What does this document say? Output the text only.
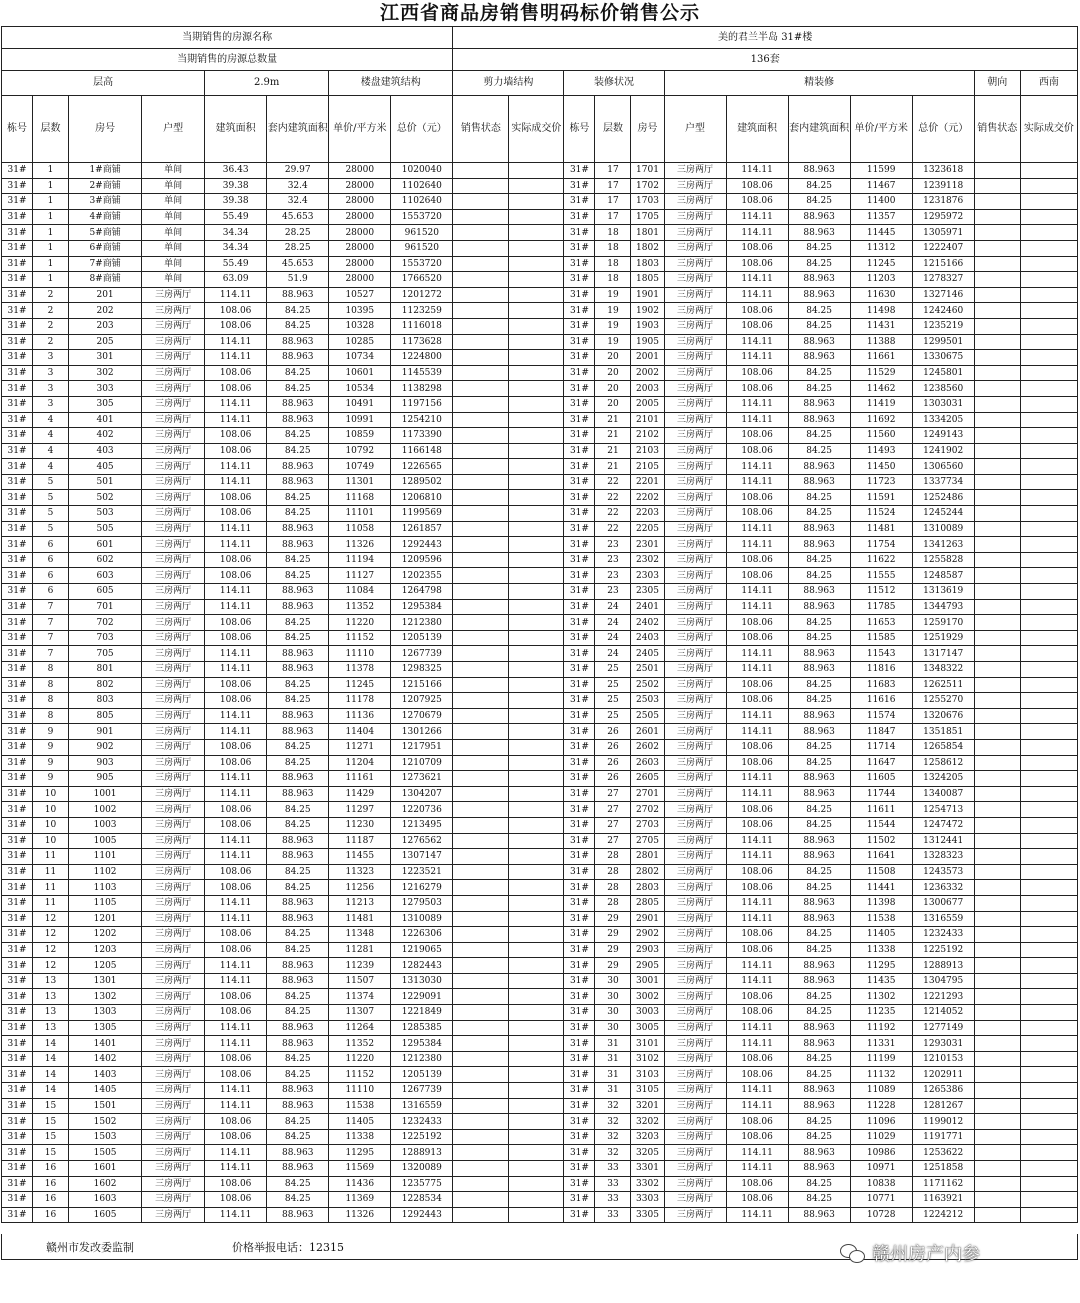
江西省商品房销售明码标价销售公示
当期销售的房源名称								美的君兰半岛 31#楼											
当期销售的房源总数量								136套											
层高				2.9m		楼盘建筑结构		剪力墙结构		装修状况			精装修					朝向	西南
栋号	层数	房号	户型	建筑面积	套内建筑面积	单价/平方米	总价（元）	销售状态	实际成交价	栋号	层数	房号	户型	建筑面积	套内建筑面积	单价/平方米	总价（元）	销售状态	实际成交价
31#	1	1#商铺	单间	36.43	29.97	28000	1020040			31#	17	1701	三房两厅	114.11	88.963	11599	1323618		
31#	1	2#商铺	单间	39.38	32.4	28000	1102640			31#	17	1702	三房两厅	108.06	84.25	11467	1239118		
31#	1	3#商铺	单间	39.38	32.4	28000	1102640			31#	17	1703	三房两厅	108.06	84.25	11400	1231876		
31#	1	4#商铺	单间	55.49	45.653	28000	1553720			31#	17	1705	三房两厅	114.11	88.963	11357	1295972		
31#	1	5#商铺	单间	34.34	28.25	28000	961520			31#	18	1801	三房两厅	114.11	88.963	11445	1305971		
31#	1	6#商铺	单间	34.34	28.25	28000	961520			31#	18	1802	三房两厅	108.06	84.25	11312	1222407		
31#	1	7#商铺	单间	55.49	45.653	28000	1553720			31#	18	1803	三房两厅	108.06	84.25	11245	1215166		
31#	1	8#商铺	单间	63.09	51.9	28000	1766520			31#	18	1805	三房两厅	114.11	88.963	11203	1278327		
31#	2	201	三房两厅	114.11	88.963	10527	1201272			31#	19	1901	三房两厅	114.11	88.963	11630	1327146		
31#	2	202	三房两厅	108.06	84.25	10395	1123259			31#	19	1902	三房两厅	108.06	84.25	11498	1242460		
31#	2	203	三房两厅	108.06	84.25	10328	1116018			31#	19	1903	三房两厅	108.06	84.25	11431	1235219		
31#	2	205	三房两厅	114.11	88.963	10285	1173628			31#	19	1905	三房两厅	114.11	88.963	11388	1299501		
31#	3	301	三房两厅	114.11	88.963	10734	1224800			31#	20	2001	三房两厅	114.11	88.963	11661	1330675		
31#	3	302	三房两厅	108.06	84.25	10601	1145539			31#	20	2002	三房两厅	108.06	84.25	11529	1245801		
31#	3	303	三房两厅	108.06	84.25	10534	1138298			31#	20	2003	三房两厅	108.06	84.25	11462	1238560		
31#	3	305	三房两厅	114.11	88.963	10491	1197156			31#	20	2005	三房两厅	114.11	88.963	11419	1303031		
31#	4	401	三房两厅	114.11	88.963	10991	1254210			31#	21	2101	三房两厅	114.11	88.963	11692	1334205		
31#	4	402	三房两厅	108.06	84.25	10859	1173390			31#	21	2102	三房两厅	108.06	84.25	11560	1249143		
31#	4	403	三房两厅	108.06	84.25	10792	1166148			31#	21	2103	三房两厅	108.06	84.25	11493	1241902		
31#	4	405	三房两厅	114.11	88.963	10749	1226565			31#	21	2105	三房两厅	114.11	88.963	11450	1306560		
31#	5	501	三房两厅	114.11	88.963	11301	1289502			31#	22	2201	三房两厅	114.11	88.963	11723	1337734		
31#	5	502	三房两厅	108.06	84.25	11168	1206810			31#	22	2202	三房两厅	108.06	84.25	11591	1252486		
31#	5	503	三房两厅	108.06	84.25	11101	1199569			31#	22	2203	三房两厅	108.06	84.25	11524	1245244		
31#	5	505	三房两厅	114.11	88.963	11058	1261857			31#	22	2205	三房两厅	114.11	88.963	11481	1310089		
31#	6	601	三房两厅	114.11	88.963	11326	1292443			31#	23	2301	三房两厅	114.11	88.963	11754	1341263		
31#	6	602	三房两厅	108.06	84.25	11194	1209596			31#	23	2302	三房两厅	108.06	84.25	11622	1255828		
31#	6	603	三房两厅	108.06	84.25	11127	1202355			31#	23	2303	三房两厅	108.06	84.25	11555	1248587		
31#	6	605	三房两厅	114.11	88.963	11084	1264798			31#	23	2305	三房两厅	114.11	88.963	11512	1313619		
31#	7	701	三房两厅	114.11	88.963	11352	1295384			31#	24	2401	三房两厅	114.11	88.963	11785	1344793		
31#	7	702	三房两厅	108.06	84.25	11220	1212380			31#	24	2402	三房两厅	108.06	84.25	11653	1259170		
31#	7	703	三房两厅	108.06	84.25	11152	1205139			31#	24	2403	三房两厅	108.06	84.25	11585	1251929		
31#	7	705	三房两厅	114.11	88.963	11110	1267739			31#	24	2405	三房两厅	114.11	88.963	11543	1317147		
31#	8	801	三房两厅	114.11	88.963	11378	1298325			31#	25	2501	三房两厅	114.11	88.963	11816	1348322		
31#	8	802	三房两厅	108.06	84.25	11245	1215166			31#	25	2502	三房两厅	108.06	84.25	11683	1262511		
31#	8	803	三房两厅	108.06	84.25	11178	1207925			31#	25	2503	三房两厅	108.06	84.25	11616	1255270		
31#	8	805	三房两厅	114.11	88.963	11136	1270679			31#	25	2505	三房两厅	114.11	88.963	11574	1320676		
31#	9	901	三房两厅	114.11	88.963	11404	1301266			31#	26	2601	三房两厅	114.11	88.963	11847	1351851		
31#	9	902	三房两厅	108.06	84.25	11271	1217951			31#	26	2602	三房两厅	108.06	84.25	11714	1265854		
31#	9	903	三房两厅	108.06	84.25	11204	1210709			31#	26	2603	三房两厅	108.06	84.25	11647	1258612		
31#	9	905	三房两厅	114.11	88.963	11161	1273621			31#	26	2605	三房两厅	114.11	88.963	11605	1324205		
31#	10	1001	三房两厅	114.11	88.963	11429	1304207			31#	27	2701	三房两厅	114.11	88.963	11744	1340087		
31#	10	1002	三房两厅	108.06	84.25	11297	1220736			31#	27	2702	三房两厅	108.06	84.25	11611	1254713		
31#	10	1003	三房两厅	108.06	84.25	11230	1213495			31#	27	2703	三房两厅	108.06	84.25	11544	1247472		
31#	10	1005	三房两厅	114.11	88.963	11187	1276562			31#	27	2705	三房两厅	114.11	88.963	11502	1312441		
31#	11	1101	三房两厅	114.11	88.963	11455	1307147			31#	28	2801	三房两厅	114.11	88.963	11641	1328323		
31#	11	1102	三房两厅	108.06	84.25	11323	1223521			31#	28	2802	三房两厅	108.06	84.25	11508	1243573		
31#	11	1103	三房两厅	108.06	84.25	11256	1216279			31#	28	2803	三房两厅	108.06	84.25	11441	1236332		
31#	11	1105	三房两厅	114.11	88.963	11213	1279503			31#	28	2805	三房两厅	114.11	88.963	11398	1300677		
31#	12	1201	三房两厅	114.11	88.963	11481	1310089			31#	29	2901	三房两厅	114.11	88.963	11538	1316559		
31#	12	1202	三房两厅	108.06	84.25	11348	1226306			31#	29	2902	三房两厅	108.06	84.25	11405	1232433		
31#	12	1203	三房两厅	108.06	84.25	11281	1219065			31#	29	2903	三房两厅	108.06	84.25	11338	1225192		
31#	12	1205	三房两厅	114.11	88.963	11239	1282443			31#	29	2905	三房两厅	114.11	88.963	11295	1288913		
31#	13	1301	三房两厅	114.11	88.963	11507	1313030			31#	30	3001	三房两厅	114.11	88.963	11435	1304795		
31#	13	1302	三房两厅	108.06	84.25	11374	1229091			31#	30	3002	三房两厅	108.06	84.25	11302	1221293		
31#	13	1303	三房两厅	108.06	84.25	11307	1221849			31#	30	3003	三房两厅	108.06	84.25	11235	1214052		
31#	13	1305	三房两厅	114.11	88.963	11264	1285385			31#	30	3005	三房两厅	114.11	88.963	11192	1277149		
31#	14	1401	三房两厅	114.11	88.963	11352	1295384			31#	31	3101	三房两厅	114.11	88.963	11331	1293031		
31#	14	1402	三房两厅	108.06	84.25	11220	1212380			31#	31	3102	三房两厅	108.06	84.25	11199	1210153		
31#	14	1403	三房两厅	108.06	84.25	11152	1205139			31#	31	3103	三房两厅	108.06	84.25	11132	1202911		
31#	14	1405	三房两厅	114.11	88.963	11110	1267739			31#	31	3105	三房两厅	114.11	88.963	11089	1265386		
31#	15	1501	三房两厅	114.11	88.963	11538	1316559			31#	32	3201	三房两厅	114.11	88.963	11228	1281267		
31#	15	1502	三房两厅	108.06	84.25	11405	1232433			31#	32	3202	三房两厅	108.06	84.25	11096	1199012		
31#	15	1503	三房两厅	108.06	84.25	11338	1225192			31#	32	3203	三房两厅	108.06	84.25	11029	1191771		
31#	15	1505	三房两厅	114.11	88.963	11295	1288913			31#	32	3205	三房两厅	114.11	88.963	10986	1253622		
31#	16	1601	三房两厅	114.11	88.963	11569	1320089			31#	33	3301	三房两厅	114.11	88.963	10971	1251858		
31#	16	1602	三房两厅	108.06	84.25	11436	1235775			31#	33	3302	三房两厅	108.06	84.25	10838	1171162		
31#	16	1603	三房两厅	108.06	84.25	11369	1228534			31#	33	3303	三房两厅	108.06	84.25	10771	1163921		
31#	16	1605	三房两厅	114.11	88.963	11326	1292443			31#	33	3305	三房两厅	114.11	88.963	10728	1224212		
赣州市发改委监制	价格举报电话：12315	赣州房产内参
